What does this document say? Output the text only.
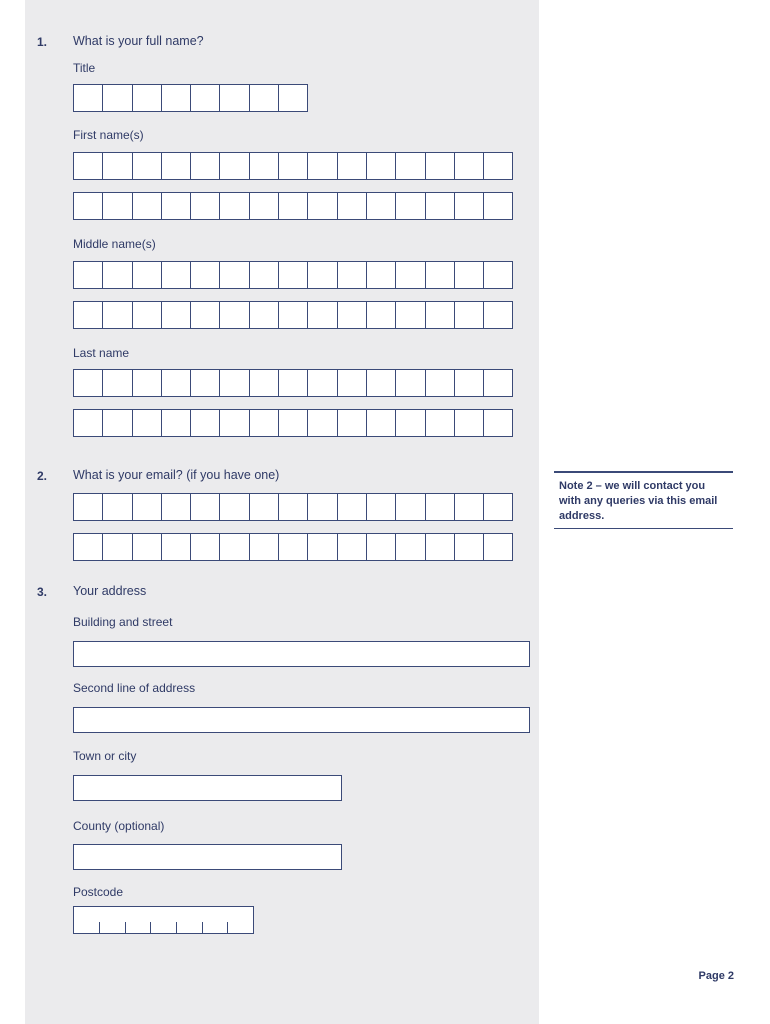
1. What is your full name?
Title
First name(s)
Middle name(s)
Last name
2. What is your email? (if you have one)
Note 2 – we will contact you with any queries via this email address.
3. Your address
Building and street
Second line of address
Town or city
County (optional)
Postcode
Page 2
